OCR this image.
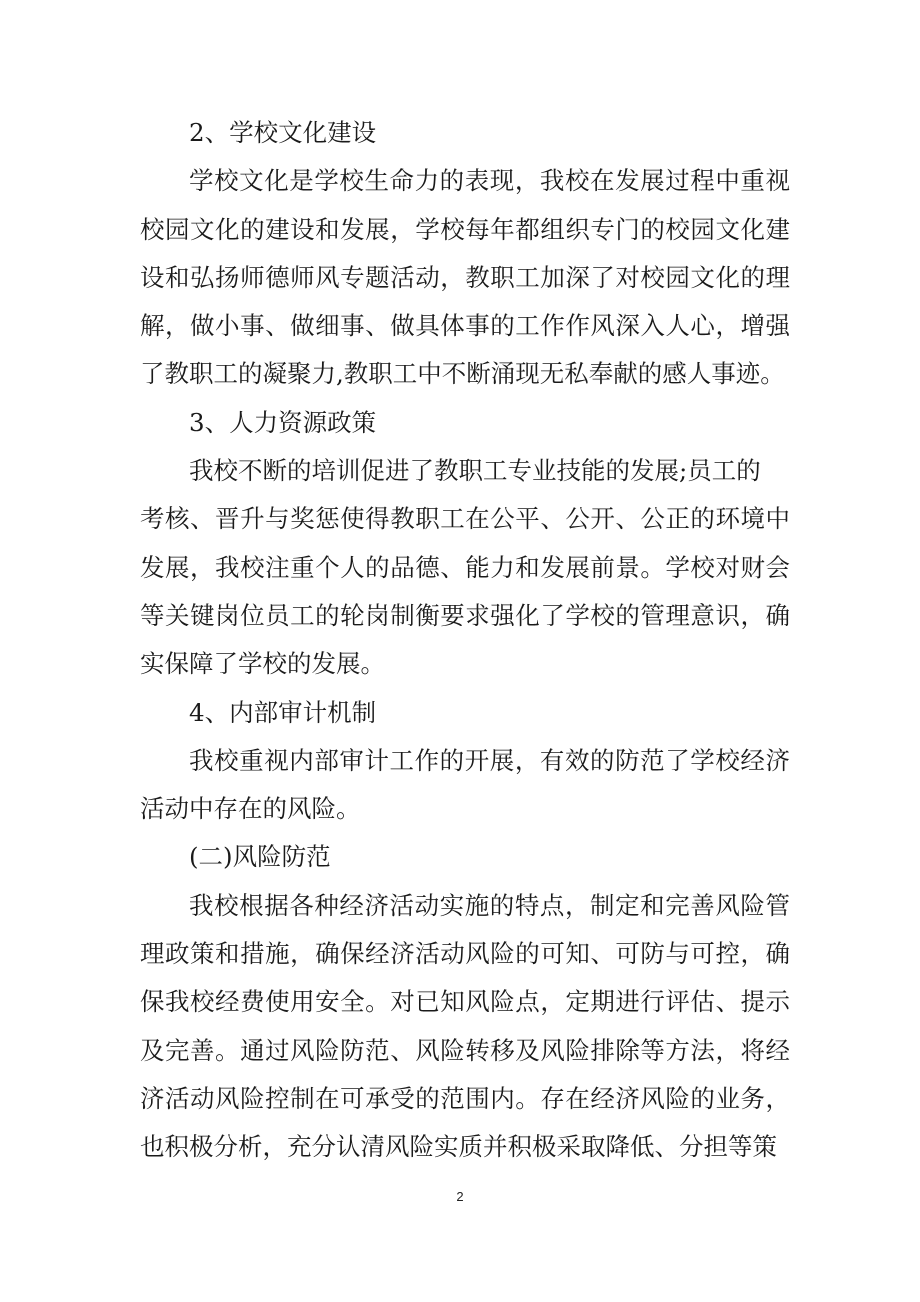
2、学校文化建设

学校文化是学校生命力的表现，我校在发展过程中重视校园文化的建设和发展，学校每年都组织专门的校园文化建设和弘扬师德师风专题活动，教职工加深了对校园文化的理解，做小事、做细事、做具体事的工作作风深入人心，增强了教职工的凝聚力,教职工中不断涌现无私奉献的感人事迹。

3、人力资源政策

我校不断的培训促进了教职工专业技能的发展;员工的

考核、晋升与奖惩使得教职工在公平、公开、公正的环境中发展，我校注重个人的品德、能力和发展前景。学校对财会等关键岗位员工的轮岗制衡要求强化了学校的管理意识，确实保障了学校的发展。

4、内部审计机制

我校重视内部审计工作的开展，有效的防范了学校经济活动中存在的风险。

(二)风险防范

我校根据各种经济活动实施的特点，制定和完善风险管理政策和措施，确保经济活动风险的可知、可防与可控，确保我校经费使用安全。对已知风险点，定期进行评估、提示及完善。通过风险防范、风险转移及风险排除等方法，将经济活动风险控制在可承受的范围内。存在经济风险的业务，也积极分析，充分认清风险实质并积极采取降低、分担等策

2
